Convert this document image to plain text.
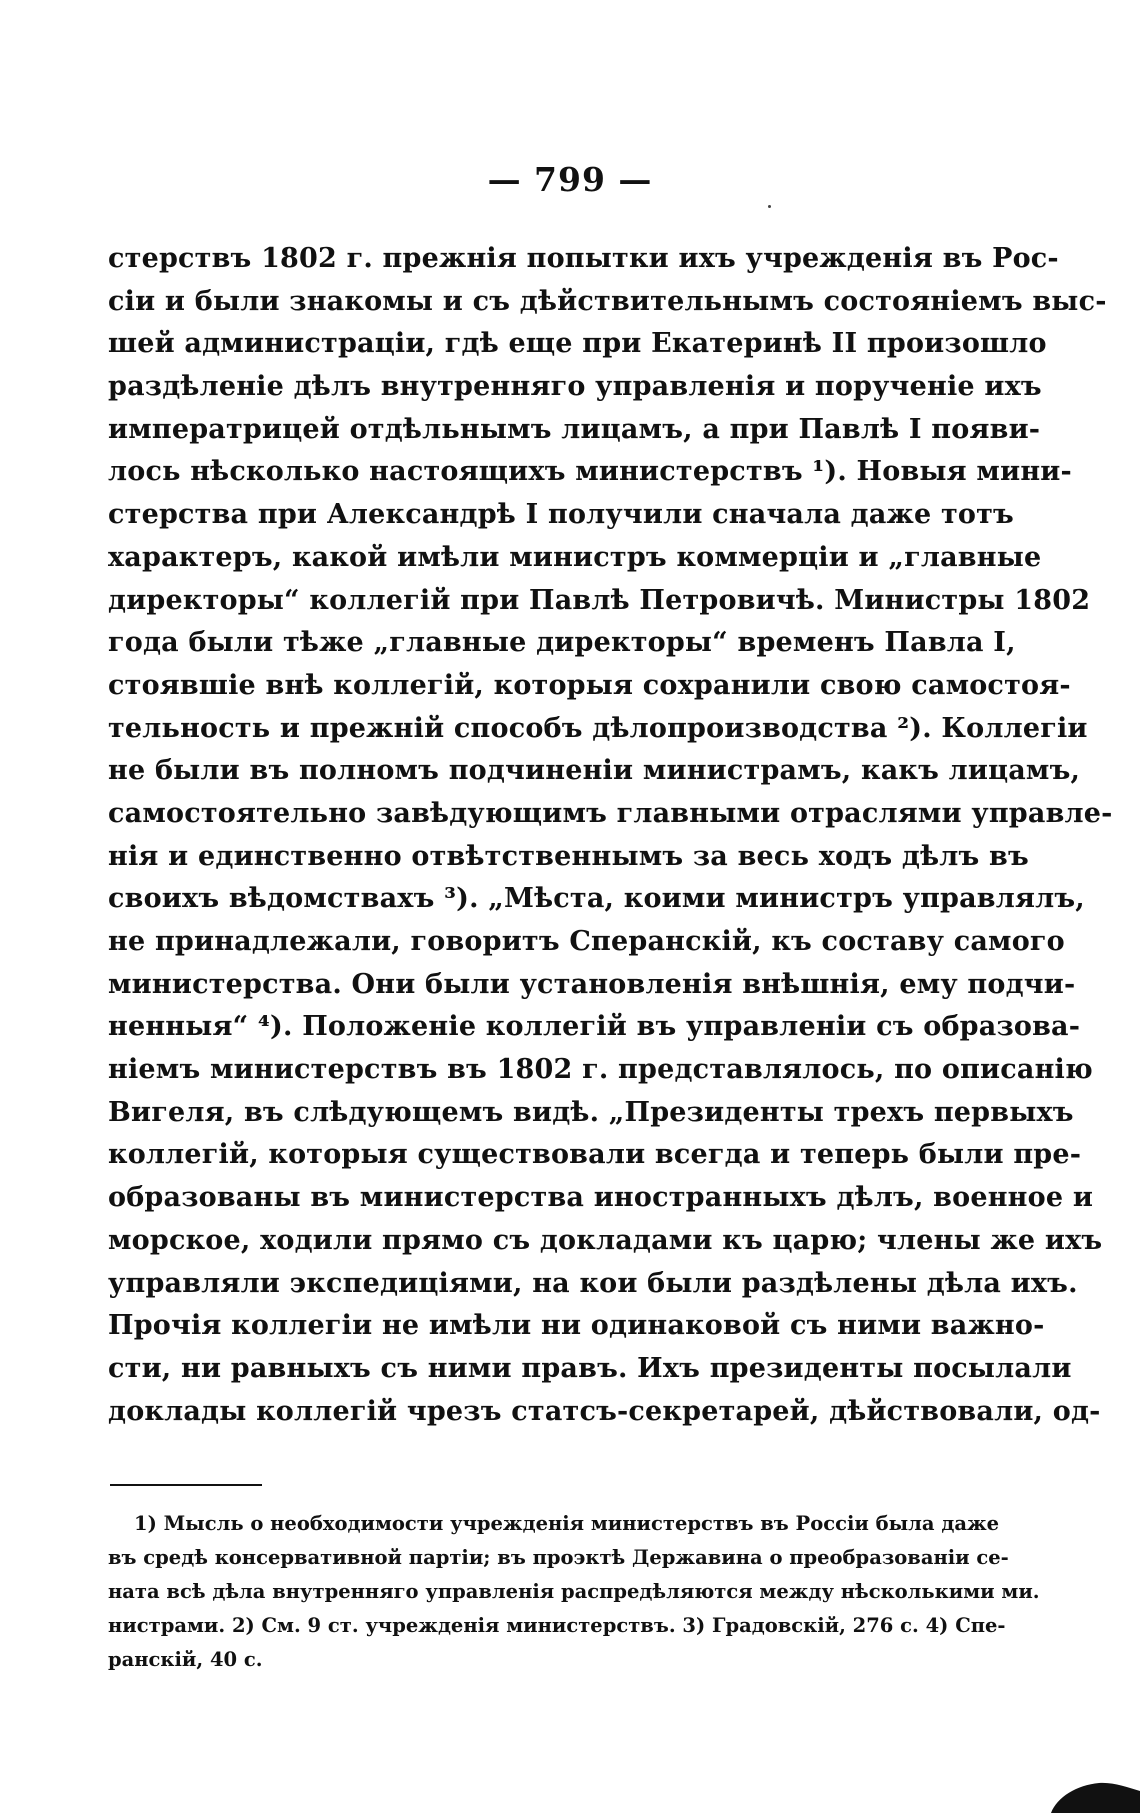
— 799 —
стерствъ 1802 г. прежнія попытки ихъ учрежденія въ Рос-
сіи и были знакомы и съ дѣйствительнымъ состояніемъ выс-
шей администраціи, гдѣ еще при Екатеринѣ II произошло
раздѣленіе дѣлъ внутренняго управленія и порученіе ихъ
императрицей отдѣльнымъ лицамъ, а при Павлѣ I появи-
лось нѣсколько настоящихъ министерствъ ¹). Новыя мини-
стерства при Александрѣ I получили сначала даже тотъ
характеръ, какой имѣли министръ коммерціи и „главные
директоры“ коллегій при Павлѣ Петровичѣ. Министры 1802
года были тѣже „главные директоры“ временъ Павла I,
стоявшіе внѣ коллегій, которыя сохранили свою самостоя-
тельность и прежній способъ дѣлопроизводства ²). Коллегіи
не были въ полномъ подчиненіи министрамъ, какъ лицамъ,
самостоятельно завѣдующимъ главными отраслями управле-
нія и единственно отвѣтственнымъ за весь ходъ дѣлъ въ
своихъ вѣдомствахъ ³). „Мѣста, коими министръ управлялъ,
не принадлежали, говоритъ Сперанскій, къ составу самого
министерства. Они были установленія внѣшнія, ему подчи-
ненныя“ ⁴). Положеніе коллегій въ управленіи съ образова-
ніемъ министерствъ въ 1802 г. представлялось, по описанію
Вигеля, въ слѣдующемъ видѣ. „Президенты трехъ первыхъ
коллегій, которыя существовали всегда и теперь были пре-
образованы въ министерства иностранныхъ дѣлъ, военное и
морское, ходили прямо съ докладами къ царю; члены же ихъ
управляли экспедиціями, на кои были раздѣлены дѣла ихъ.
Прочія коллегіи не имѣли ни одинаковой съ ними важно-
сти, ни равныхъ съ ними правъ. Ихъ президенты посылали
доклады коллегій чрезъ статсъ-секретарей, дѣйствовали, од-
1) Мысль о необходимости учрежденія министерствъ въ Россіи была даже
въ средѣ консервативной партіи; въ проэктѣ Державина о преобразованіи се-
ната всѣ дѣла внутренняго управленія распредѣляются между нѣсколькими ми.
нистрами. 2) См. 9 ст. учрежденія министерствъ. 3) Градовскій, 276 с. 4) Спе-
ранскій, 40 с.
